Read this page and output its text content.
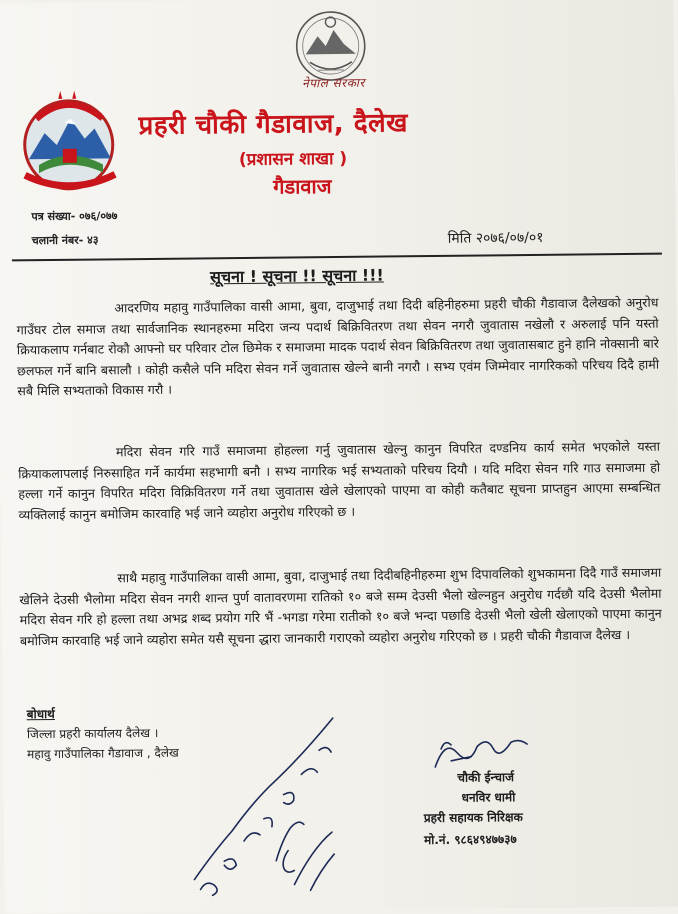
नेपाल सरकार
प्रहरी चौकी गैडावाज, दैलेख
(प्रशासन शाखा )
गैडावाज
पत्र संख्या- ०७६/०७७
चलानी नंबर- ४३	मिति २०७६/०७/०१
सूचना ! सूचना !! सूचना !!!

आदरणिय महावु गाउँपालिका वासी आमा, बुवा, दाजुभाई तथा दिदी बहिनीहरुमा प्रहरी चौकी गैडावाज दैलेखको अनुरोध गाउँघर टोल समाज तथा सार्वजानिक स्थानहरुमा मदिरा जन्य पदार्थ बिक्रिवितरण तथा सेवन नगरौ जुवातास नखेलौ र अरुलाई पनि यस्तो क्रियाकलाप गर्नबाट रोकौ आफ्नो घर परिवार टोल छिमेक र समाजमा मादक पदार्थ सेवन बिक्रिवितरण तथा जुवातासबाट हुने हानि नोक्सानी बारे छलफल गर्ने बानि बसालौ । कोही कसैले पनि मदिरा सेवन गर्ने जुवातास खेल्ने बानी नगरौ । सभ्य एवंम जिम्मेवार नागरिकको परिचय दिदै हामी सबै मिलि सभ्यताको विकास गरौ ।

मदिरा सेवन गरि गाउँ समाजमा होहल्ला गर्नु जुवातास खेल्नु कानुन विपरित दण्डनिय कार्य समेत भएकोले यस्ता क्रियाकलापलाई निरुसाहित गर्ने कार्यमा सहभागी बनौ । सभ्य नागरिक भई सभ्यताको परिचय दियौ । यदि मदिरा सेवन गरि गाउ समाजमा हो हल्ला गर्ने कानुन विपरित मदिरा विक्रिवितरण गर्ने तथा जुवातास खेले खेलाएको पाएमा वा कोही कतैबाट सूचना प्राप्तहुन आएमा सम्बन्धित व्यक्तिलाई कानुन बमोजिम कारवाहि भई जाने व्यहोरा अनुरोध गरिएको छ ।

साथै महावु गाउँपालिका वासी आमा, बुवा, दाजुभाई तथा दिदीबहिनीहरुमा शुभ दिपावलिको शुभकामना दिदै गाउँ समाजमा खेलिने देउसी भैलोमा मदिरा सेवन नगरी शान्त पुर्ण वातावरणमा रातिको १० बजे सम्म देउसी भैलो खेल्नहुन अनुरोध गर्दछौ यदि देउसी भैलोमा मदिरा सेवन गरि हो हल्ला तथा अभद्र शब्द प्रयोग गरि भैं -भगडा गरेमा रातीको १० बजे भन्दा पछाडि देउसी भैलो खेली खेलाएको पाएमा कानुन बमोजिम कारवाहि भई जाने व्यहोरा समेत यसै सूचना द्धारा जानकारी गराएको व्यहोरा अनुरोध गरिएको छ । प्रहरी चौकी गैडावाज दैलेख ।

बोधार्थ
जिल्ला प्रहरी कार्यालय दैलेख ।
महावु गाउँपालिका गैडावाज , दैलेख
चौकी ईन्चार्ज
धनविर धामी
प्रहरी सहायक निरिक्षक
मो.नं. ९८६४९४७७३७
